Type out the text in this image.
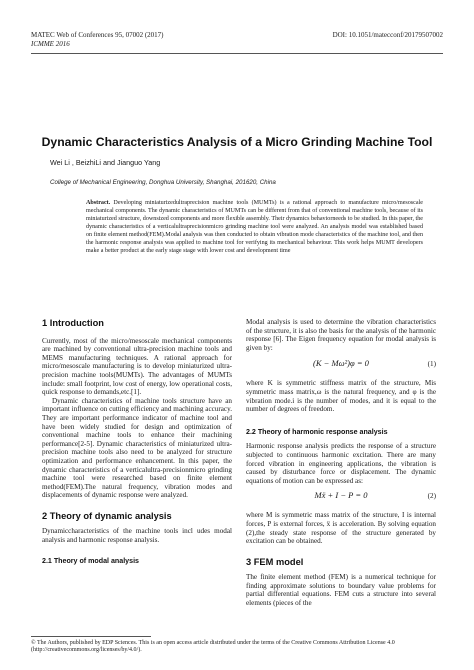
MATEC Web of Conferences 95, 07002 (2017)
ICMME 2016
DOI: 10.1051/matecconf/20179507002
Dynamic Characteristics Analysis of a Micro Grinding Machine Tool
Wei Li , BeizhiLi and Jianguo Yang
College of Mechanical Engineering, Donghua University, Shanghai, 201620, China
Abstract. Developing miniaturizedultraprecision machine tools (MUMTs) is a rational approach to manufacture micro/mesoscale mechanical components. The dynamic characteristics of MUMTs can be different from that of conventional machine tools, because of its miniaturized structure, downsized components and more flexible assembly. Their dynamics behaviorneeds to be studied. In this paper, the dynamic characteristics of a verticalultraprecisionmicro grinding machine tool were analyzed. An analysis model was established based on finite element method(FEM).Modal analysis was then conducted to obtain vibration mode characteristics of the machine tool, and then the harmonic response analysis was applied to machine tool for verifying its mechanical behaviour. This work helps MUMT developers make a better product at the early stage stage with lower cost and development time
1 Introduction

Currently, most of the micro/mesoscale mechanical components are machined by conventional ultra-precision machine tools and MEMS manufacturing techniques. A rational approach for micro/mesoscale manufacturing is to develop miniaturized ultra-precision machine tools(MUMTs). The advantages of MUMTs include: small footprint, low cost of energy, low operational costs, quick response to demands,etc.[1].

Dynamic characteristics of machine tools structure have an important influence on cutting efficiency and machining accuracy. They are important performance indicator of machine tool and have been widely studied for design and optimization of conventional machine tools to enhance their machining performance[2-5]. Dynamic characteristics of miniaturized ultra-precision machine tools also need to be analyzed for structure optimization and performance enhancement. In this paper, the dynamic characteristics of a verticalultra-precisionmicro grinding machine tool were researched based on finite element method(FEM).The natural frequency, vibration modes and displacements of dynamic response were analyzed.

2 Theory of dynamic analysis

Dynamiccharacteristics of the machine tools incl udes modal analysis and harmonic response analysis.

2.1 Theory of modal analysis

Modal analysis is used to determine the vibration characteristics of the structure, it is also the basis for the analysis of the harmonic response [6]. The Eigen frequency equation for modal analysis is given by:

(K − Mω²)φ = 0	(1)

where K is symmetric stiffness matrix of the structure, Mis symmetric mass matrix,ω is the natural frequency, and φ is the vibration mode.i is the number of modes, and it is equal to the number of degrees of freedom.

2.2 Theory of harmonic response analysis

Harmonic response analysis predicts the response of a structure subjected to continuous harmonic excitation. There are many forced vibration in engineering applications, the vibration is caused by disturbance force or displacement. The dynamic equations of motion can be expressed as:

Mẍ + I − P = 0	(2)

where M is symmetric mass matrix of the structure, I is internal forces, P is external forces, ẍ is acceleration. By solving equation (2),the steady state response of the structure generated by excitation can be obtained.

3 FEM model

The finite element method (FEM) is a numerical technique for finding approximate solutions to boundary value problems for partial differential equations. FEM cuts a structure into several elements (pieces of the

© The Authors, published by EDP Sciences. This is an open access article distributed under the terms of the Creative Commons Attribution License 4.0 (http://creativecommons.org/licenses/by/4.0/).
